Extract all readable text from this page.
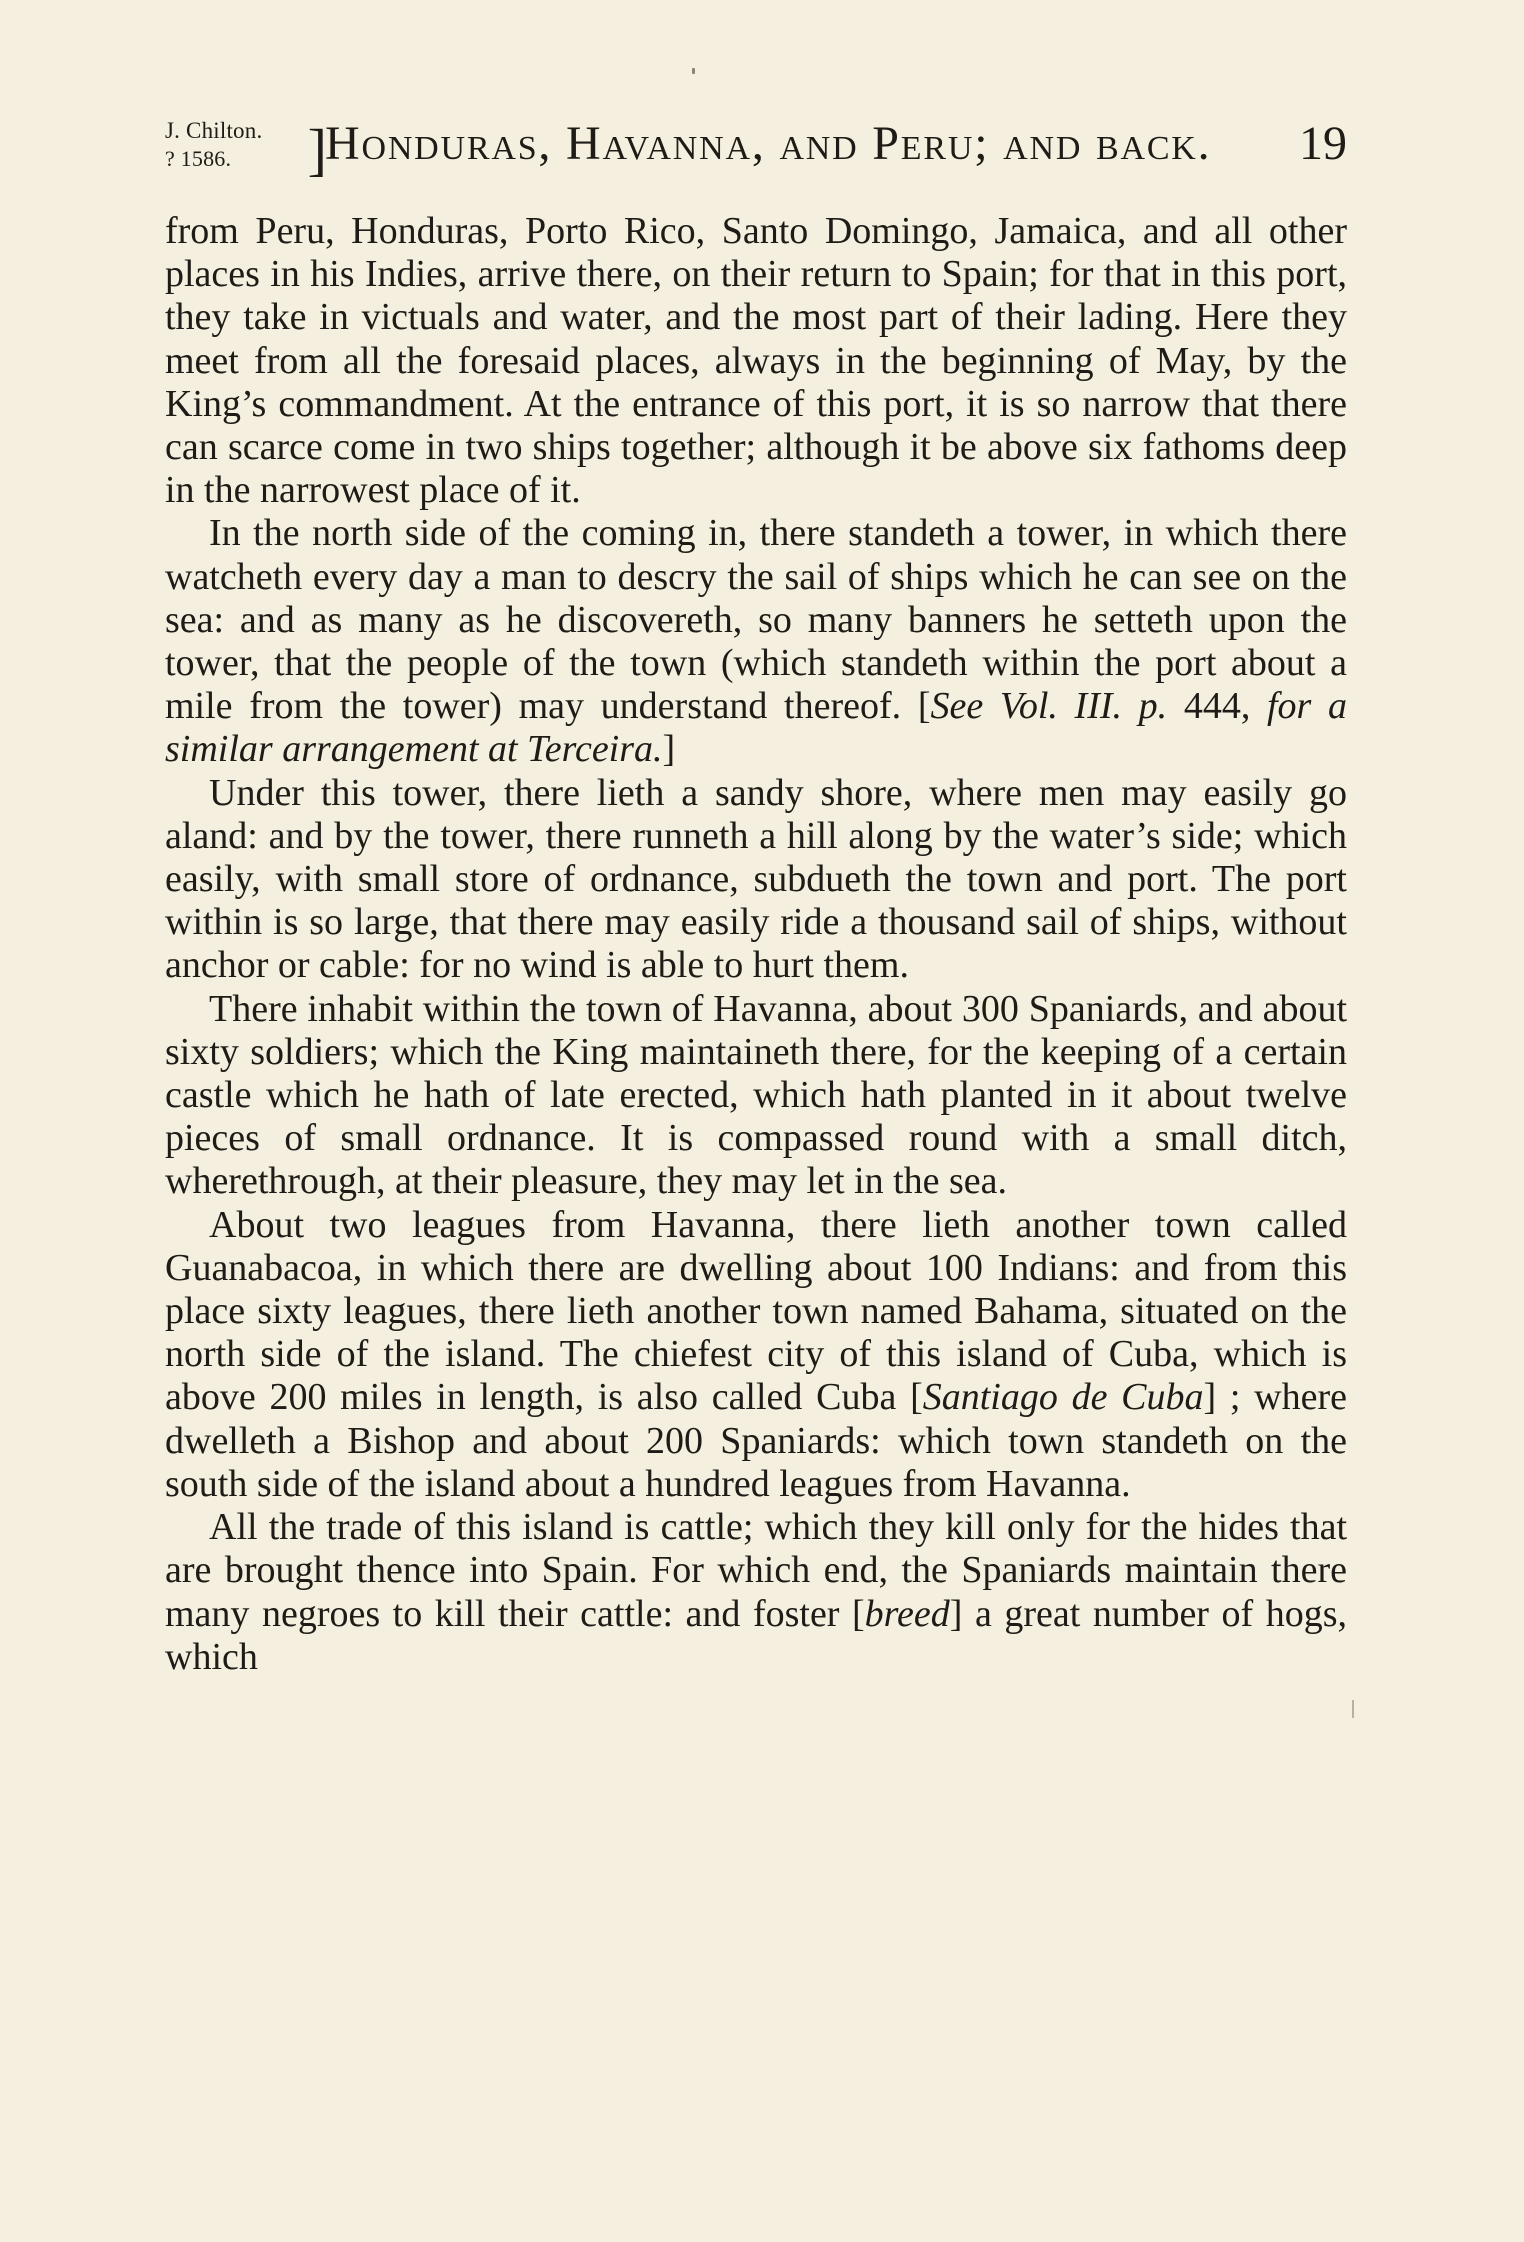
J. Chilton.
? 1586. ]
Honduras, Havanna, and Peru; and back. 19

from Peru, Honduras, Porto Rico, Santo Domingo, Jamaica, and all other places in his Indies, arrive there, on their return to Spain; for that in this port, they take in victuals and water, and the most part of their lading. Here they meet from all the foresaid places, always in the beginning of May, by the King’s commandment. At the entrance of this port, it is so narrow that there can scarce come in two ships together; although it be above six fathoms deep in the narrowest place of it.

In the north side of the coming in, there standeth a tower, in which there watcheth every day a man to descry the sail of ships which he can see on the sea: and as many as he discovereth, so many banners he setteth upon the tower, that the people of the town (which standeth within the port about a mile from the tower) may understand thereof. [See Vol. III. p. 444, for a similar arrangement at Terceira.]

Under this tower, there lieth a sandy shore, where men may easily go aland: and by the tower, there runneth a hill along by the water’s side; which easily, with small store of ordnance, subdueth the town and port. The port within is so large, that there may easily ride a thousand sail of ships, without anchor or cable: for no wind is able to hurt them.

There inhabit within the town of Havanna, about 300 Spaniards, and about sixty soldiers; which the King maintaineth there, for the keeping of a certain castle which he hath of late erected, which hath planted in it about twelve pieces of small ordnance. It is compassed round with a small ditch, wherethrough, at their pleasure, they may let in the sea.

About two leagues from Havanna, there lieth another town called Guanabacoa, in which there are dwelling about 100 Indians: and from this place sixty leagues, there lieth another town named Bahama, situated on the north side of the island. The chiefest city of this island of Cuba, which is above 200 miles in length, is also called Cuba [Santiago de Cuba] ; where dwelleth a Bishop and about 200 Spaniards: which town standeth on the south side of the island about a hundred leagues from Havanna.

All the trade of this island is cattle; which they kill only for the hides that are brought thence into Spain. For which end, the Spaniards maintain there many negroes to kill their cattle: and foster [breed] a great number of hogs, which
